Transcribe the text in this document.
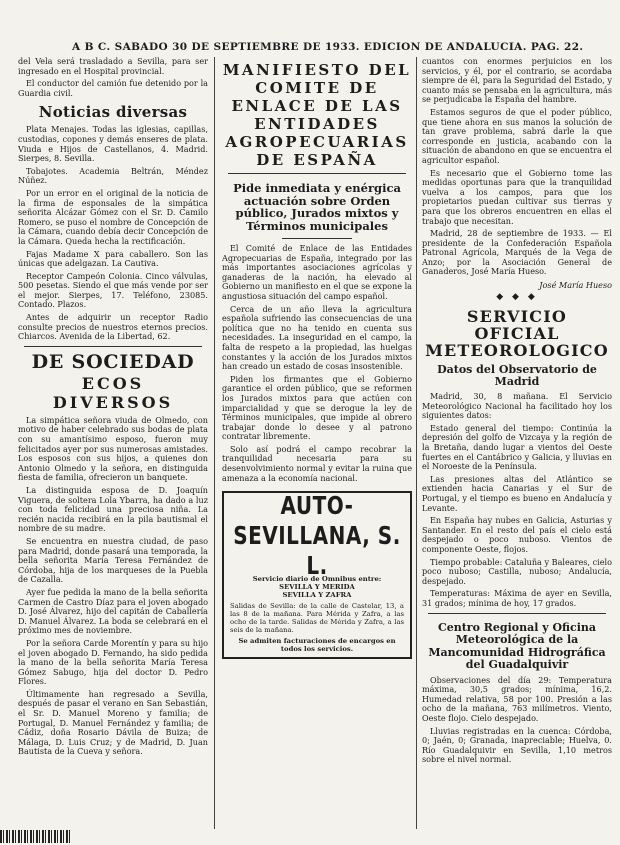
A B C. SABADO 30 DE SEPTIEMBRE DE 1933. EDICION DE ANDALUCIA. PAG. 22.

del Vela será trasladado a Sevilla, para ser ingresado en el Hospital provincial.

El conductor del camión fue detenido por la Guardia civil.

Noticias diversas

Plata Menajes. Todas las iglesias, capillas, custodias, copones y demás enseres de plata. Viuda e Hijos de Castellanos, 4. Madrid. Sierpes, 8. Sevilla.

Tobajotes. Academia Beltrán, Méndez Núñez.

Por un error en el original de la noticia de la firma de esponsales de la simpática señorita Alcázar Gómez con el Sr. D. Camilo Romero, se puso el nombre de Concepción de la Cámara, cuando debía decir Concepción de la Cámara. Queda hecha la rectificación.

Fajas Madame X para caballero. Son las únicas que adelgazan. La Cautiva.

Receptor Campeón Colonia. Cinco válvulas, 500 pesetas. Siendo el que más vende por ser el mejor. Sierpes, 17. Teléfono, 23085. Contado. Plazos.

Antes de adquirir un receptor Radio consulte precios de nuestros eternos precios. Chiarcos. Avenida de la Libertad, 62.

DE SOCIEDAD
ECOS DIVERSOS

La simpática señora viuda de Olmedo, con motivo de haber celebrado sus bodas de plata con su amantísimo esposo, fueron muy felicitados ayer por sus numerosas amistades. Los esposos con sus hijos, a quienes don Antonio Olmedo y la señora, en distinguida fiesta de familia, ofrecieron un banquete.

La distinguida esposa de D. Joaquín Viguera, de soltera Lola Ybarra, ha dado a luz con toda felicidad una preciosa niña. La recién nacida recibirá en la pila bautismal el nombre de su madre.

Se encuentra en nuestra ciudad, de paso para Madrid, donde pasará una temporada, la bella señorita María Teresa Fernández de Córdoba, hija de los marqueses de la Puebla de Cazalla.

Ayer fue pedida la mano de la bella señorita Carmen de Castro Díaz para el joven abogado D. José Álvarez, hijo del capitán de Caballería D. Manuel Álvarez. La boda se celebrará en el próximo mes de noviembre.

Por la señora Carde Morentín y para su hijo el joven abogado D. Fernando, ha sido pedida la mano de la bella señorita María Teresa Gómez Sabugo, hija del doctor D. Pedro Flores.

Últimamente han regresado a Sevilla, después de pasar el verano en San Sebastián, el Sr. D. Manuel Moreno y familia; de Portugal, D. Manuel Fernández y familia; de Cádiz, doña Rosario Dávila de Buiza; de Málaga, D. Luis Cruz; y de Madrid, D. Juan Bautista de la Cueva y señora.

MANIFIESTO DEL COMITE DE ENLACE DE LAS ENTIDADES AGROPECUARIAS DE ESPAÑA
Pide inmediata y enérgica actuación sobre Orden público, Jurados mixtos y Términos municipales

El Comité de Enlace de las Entidades Agropecuarias de España, integrado por las más importantes asociaciones agrícolas y ganaderas de la nación, ha elevado al Gobierno un manifiesto en el que se expone la angustiosa situación del campo español.

Cerca de un año lleva la agricultura española sufriendo las consecuencias de una política que no ha tenido en cuenta sus necesidades. La inseguridad en el campo, la falta de respeto a la propiedad, las huelgas constantes y la acción de los Jurados mixtos han creado un estado de cosas insostenible.

Piden los firmantes que el Gobierno garantice el orden público, que se reformen los Jurados mixtos para que actúen con imparcialidad y que se derogue la ley de Términos municipales, que impide al obrero trabajar donde lo desee y al patrono contratar libremente.

Solo así podrá el campo recobrar la tranquilidad necesaria para su desenvolvimiento normal y evitar la ruina que amenaza a la economía nacional.

AUTO-SEVILLANA, S. L.
Servicio diario de Omnibus entre:
SEVILLA Y MERIDA
SEVILLA Y ZAFRA
Salidas de Sevilla: de la calle de Castelar, 13, a las 8 de la mañana. Para Mérida y Zafra, a las ocho de la tarde. Salidas de Mérida y Zafra, a las seis de la mañana.
Se admiten facturaciones de encargos en todos los servicios.

cuantos con enormes perjuicios en los servicios, y él, por el contrario, se acordaba siempre de él, para la Seguridad del Estado, y cuanto más se pensaba en la agricultura, más se perjudicaba la España del hambre.

Estamos seguros de que el poder público, que tiene ahora en sus manos la solución de tan grave problema, sabrá darle la que corresponde en justicia, acabando con la situación de abandono en que se encuentra el agricultor español.

Es necesario que el Gobierno tome las medidas oportunas para que la tranquilidad vuelva a los campos, para que los propietarios puedan cultivar sus tierras y para que los obreros encuentren en ellas el trabajo que necesitan.

Madrid, 28 de septiembre de 1933. — El presidente de la Confederación Española Patronal Agrícola, Marqués de la Vega de Anzo; por la Asociación General de Ganaderos, José María Hueso.

José María Hueso
◆ ◆ ◆
SERVICIO OFICIAL METEOROLOGICO
Datos del Observatorio de Madrid

Madrid, 30, 8 mañana. El Servicio Meteorológico Nacional ha facilitado hoy los siguientes datos:

Estado general del tiempo: Continúa la depresión del golfo de Vizcaya y la región de la Bretaña, dando lugar a vientos del Oeste fuertes en el Cantábrico y Galicia, y lluvias en el Noroeste de la Península.

Las presiones altas del Atlántico se extienden hacia Canarias y el Sur de Portugal, y el tiempo es bueno en Andalucía y Levante.

En España hay nubes en Galicia, Asturias y Santander. En el resto del país el cielo está despejado o poco nuboso. Vientos de componente Oeste, flojos.

Tiempo probable: Cataluña y Baleares, cielo poco nuboso; Castilla, nuboso; Andalucía, despejado.

Temperaturas: Máxima de ayer en Sevilla, 31 grados; mínima de hoy, 17 grados.

Centro Regional y Oficina Meteorológica de la Mancomunidad Hidrográfica del Guadalquivir

Observaciones del día 29: Temperatura máxima, 30,5 grados; mínima, 16,2. Humedad relativa, 58 por 100. Presión a las ocho de la mañana, 763 milímetros. Viento, Oeste flojo. Cielo despejado.

Lluvias registradas en la cuenca: Córdoba, 0; Jaén, 0; Granada, inapreciable; Huelva, 0. Río Guadalquivir en Sevilla, 1,10 metros sobre el nivel normal.
